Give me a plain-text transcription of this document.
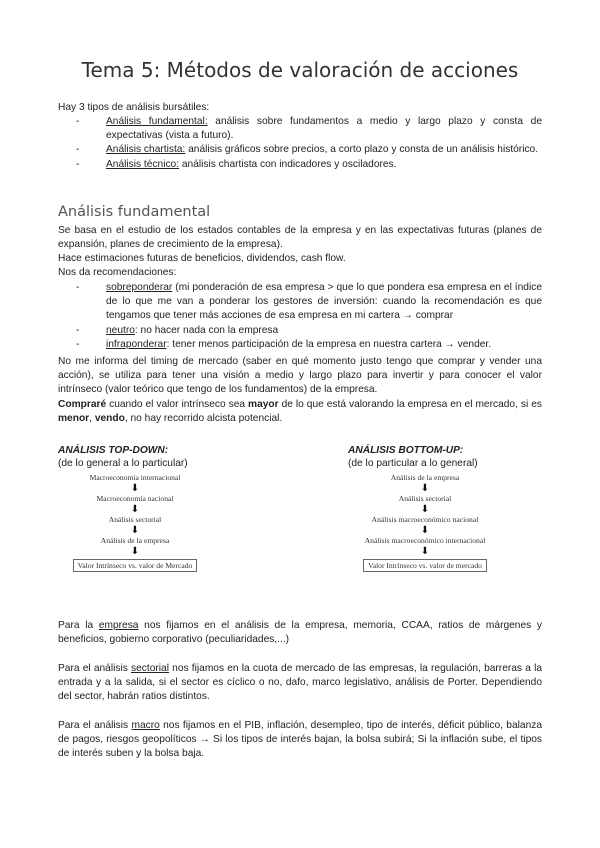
Tema 5: Métodos de valoración de acciones

Hay 3 tipos de análisis bursátiles:

-	Análisis fundamental: análisis sobre fundamentos a medio y largo plazo y consta de expectativas (vista a futuro).
-	Análisis chartista: análisis gráficos sobre precios, a corto plazo y consta de un análisis histórico.
-	Análisis técnico: análisis chartista con indicadores y osciladores.
Análisis fundamental

Se basa en el estudio de los estados contables de la empresa y en las expectativas futuras (planes de expansión, planes de crecimiento de la empresa).

Hace estimaciones futuras de beneficios, dividendos, cash flow.

Nos da recomendaciones:

-	sobreponderar (mi ponderación de esa empresa > que lo que pondera esa empresa en el índice de lo que me van a ponderar los gestores de inversión: cuando la recomendación es que tengamos que tener más acciones de esa empresa en mi cartera → comprar
-	neutro: no hacer nada con la empresa
-	infraponderar: tener menos participación de la empresa en nuestra cartera → vender.

No me informa del timing de mercado (saber en qué momento justo tengo que comprar y vender una acción), se utiliza para tener una visión a medio y largo plazo para invertir y para conocer el valor intrínseco (valor teórico que tengo de los fundamentos) de la empresa.

Compraré cuando el valor intrínseco sea mayor de lo que está valorando la empresa en el mercado, si es menor, vendo, no hay recorrido alcista potencial.

ANÁLISIS TOP-DOWN:
(de lo general a lo particular)
Macroeconomía internacional
⬇
Macroeconomía nacional
⬇
Análisis sectorial
⬇
Análisis de la empresa
⬇
Valor Intrínseco vs. valor de Mercado
ANÁLISIS BOTTOM-UP:
(de lo particular a lo general)
Análisis de la empresa
⬇
Análisis sectorial
⬇
Análisis macroeconómico nacional
⬇
Análisis macroeconómico internacional
⬇
Valor Intrínseco vs. valor de mercado

Para la empresa nos fijamos en el análisis de la empresa, memoria, CCAA, ratios de márgenes y beneficios, gobierno corporativo (peculiaridades,...)

Para el análisis sectorial nos fijamos en la cuota de mercado de las empresas, la regulación, barreras a la entrada y a la salida, si el sector es cíclico o no, dafo, marco legislativo, análisis de Porter. Dependiendo del sector, habrán ratios distintos.

Para el análisis macro nos fijamos en el PIB, inflación, desempleo, tipo de interés, déficit público, balanza de pagos, riesgos geopolíticos → Si los tipos de interés bajan, la bolsa subirá; Si la inflación sube, el tipos de interés suben y la bolsa baja.
